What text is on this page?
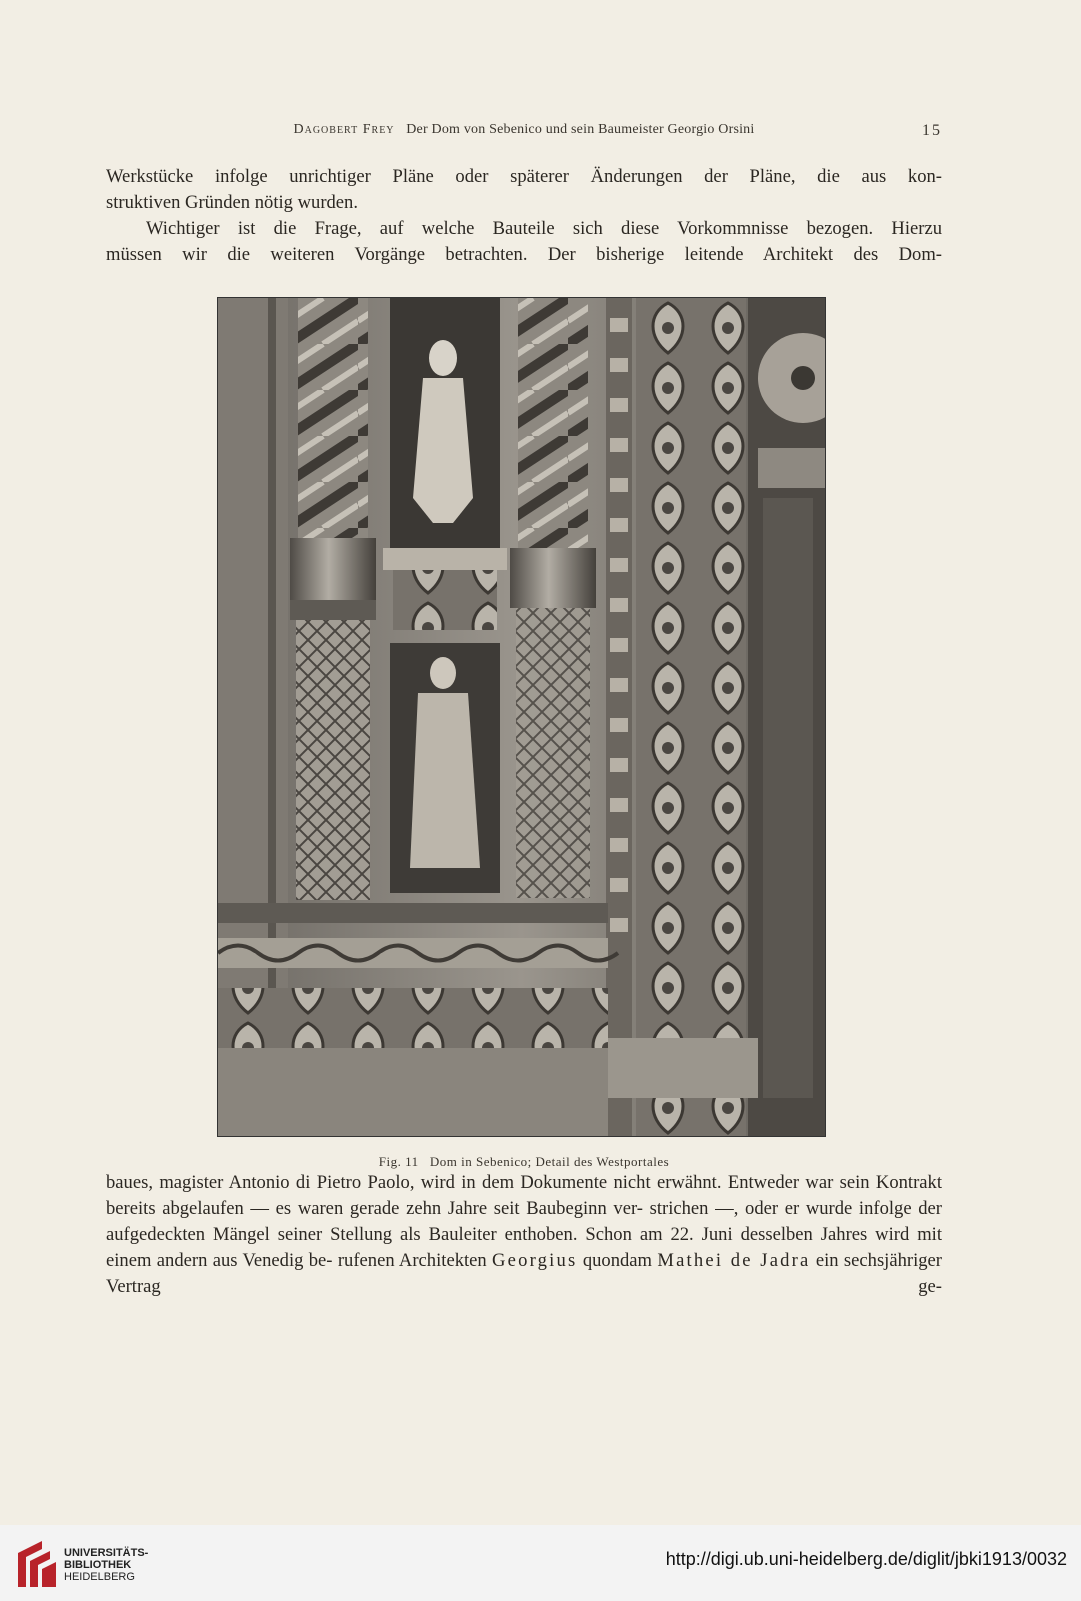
Dagobert Frey Der Dom von Sebenico und sein Baumeister Georgio Orsini	15
Werkstücke infolge unrichtiger Pläne oder späterer Änderungen der Pläne, die aus kon-
struktiven Gründen nötig wurden.
Wichtiger ist die Frage, auf welche Bauteile sich diese Vorkommnisse bezogen. Hierzu
müssen wir die weiteren Vorgänge betrachten. Der bisherige leitende Architekt des Dom-
Fig. 11   Dom in Sebenico; Detail des Westportales
baues, magister Antonio di Pietro Paolo, wird in dem Dokumente nicht erwähnt. Entweder war sein Kontrakt bereits abgelaufen — es waren gerade zehn Jahre seit Baubeginn ver- strichen —, oder er wurde infolge der aufgedeckten Mängel seiner Stellung als Bauleiter enthoben. Schon am 22. Juni desselben Jahres wird mit einem andern aus Venedig be- rufenen Architekten Georgius quondam Mathei de Jadra ein sechsjähriger Vertrag ge-
UNIVERSITÄTS-
BIBLIOTHEK
HEIDELBERG
http://digi.ub.uni-heidelberg.de/diglit/jbki1913/0032
